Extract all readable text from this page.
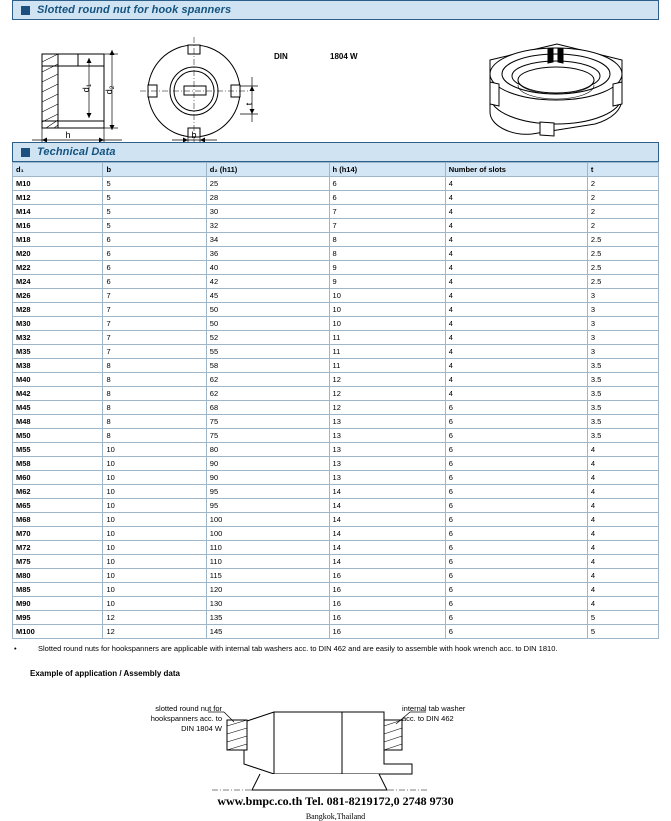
Slotted round nut for hook spanners
DIN	1804 W
$d_1$
$d_2$
h	b
t
Technical Data
d₁	b	d₂ (h11)	h (h14)	Number of slots	t
M10	5	25	6	4	2
M12	5	28	6	4	2
M14	5	30	7	4	2
M16	5	32	7	4	2
M18	6	34	8	4	2.5
M20	6	36	8	4	2.5
M22	6	40	9	4	2.5
M24	6	42	9	4	2.5
M26	7	45	10	4	3
M28	7	50	10	4	3
M30	7	50	10	4	3
M32	7	52	11	4	3
M35	7	55	11	4	3
M38	8	58	11	4	3.5
M40	8	62	12	4	3.5
M42	8	62	12	4	3.5
M45	8	68	12	6	3.5
M48	8	75	13	6	3.5
M50	8	75	13	6	3.5
M55	10	80	13	6	4
M58	10	90	13	6	4
M60	10	90	13	6	4
M62	10	95	14	6	4
M65	10	95	14	6	4
M68	10	100	14	6	4
M70	10	100	14	6	4
M72	10	110	14	6	4
M75	10	110	14	6	4
M80	10	115	16	6	4
M85	10	120	16	6	4
M90	10	130	16	6	4
M95	12	135	16	6	5
M100	12	145	16	6	5
•	Slotted round nuts for hookspanners are applicable with internal tab washers acc. to DIN 462 and are easily to assemble with hook wrench acc. to DIN 1810.
Example of application / Assembly data
slotted round nut for
hookspanners acc. to
DIN 1804 W
internal tab washer
acc. to DIN 462
www.bmpc.co.th Tel. 081-8219172,0 2748 9730
Bangkok,Thailand
